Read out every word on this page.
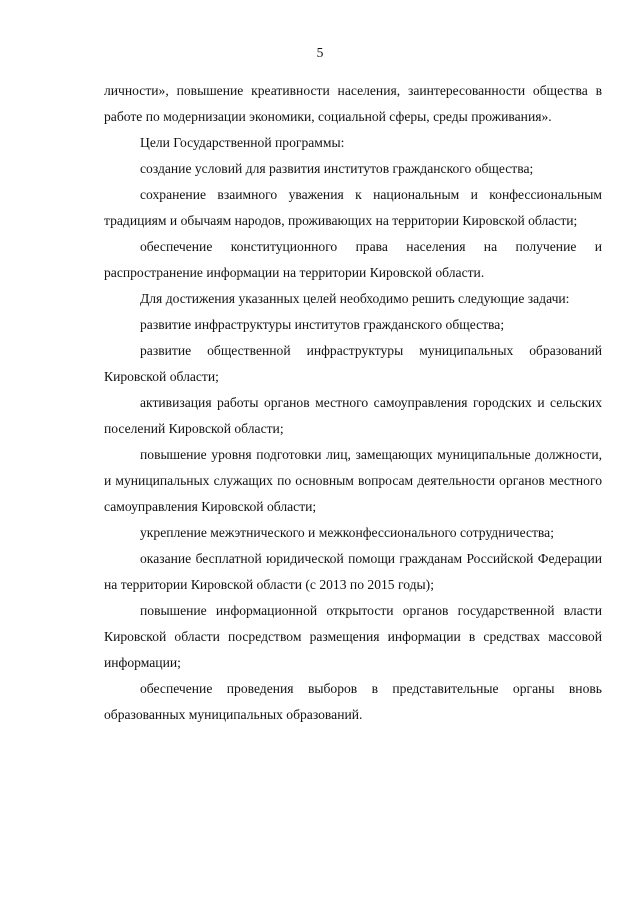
5

личности», повышение креативности населения, заинтересованности общества в работе по модернизации экономики, социальной сферы, среды проживания».

Цели Государственной программы:

создание условий для развития институтов гражданского общества;

сохранение взаимного уважения к национальным и конфессиональным традициям и обычаям народов, проживающих на территории Кировской области;

обеспечение конституционного права населения на получение и распространение информации на территории Кировской области.

Для достижения указанных целей необходимо решить следующие задачи:

развитие инфраструктуры институтов гражданского общества;

развитие общественной инфраструктуры муниципальных образований Кировской области;

активизация работы органов местного самоуправления городских и сельских поселений Кировской области;

повышение уровня подготовки лиц, замещающих муниципальные должности, и муниципальных служащих по основным вопросам деятельности органов местного самоуправления Кировской области;

укрепление межэтнического и межконфессионального сотрудничества;

оказание бесплатной юридической помощи гражданам Российской Федерации на территории Кировской области (с 2013 по 2015 годы);

повышение информационной открытости органов государственной власти Кировской области посредством размещения информации в средствах массовой информации;

обеспечение проведения выборов в представительные органы вновь образованных муниципальных образований.
